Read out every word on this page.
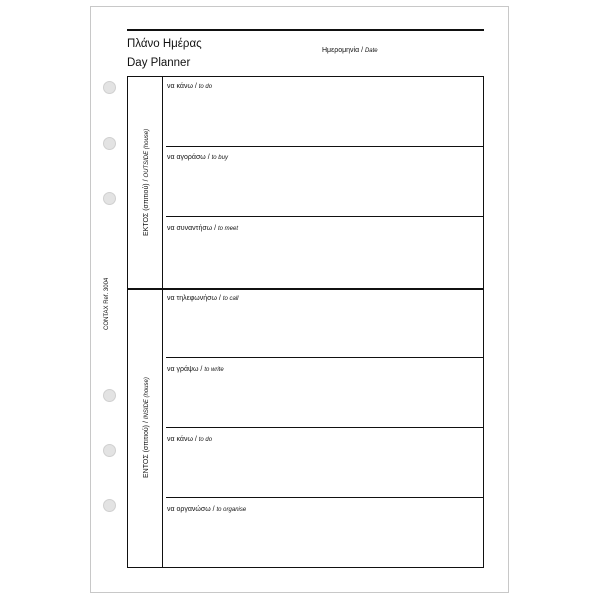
Πλάνο Ημέρας
Day Planner
Ημερομηνία / Date
CONTAX Ref. 3004
ΕΚΤΟΣ (σπιτιού) / OUTSIDE (house)
ΕΝΤΟΣ (σπιτιού) / INSIDE (house)
να κάνω / to do
να αγοράσω / to buy
να συναντήσω / to meet
να τηλεφωνήσω / to call
να γράψω / to write
να κάνω / to do
να οργανώσω / to organise
